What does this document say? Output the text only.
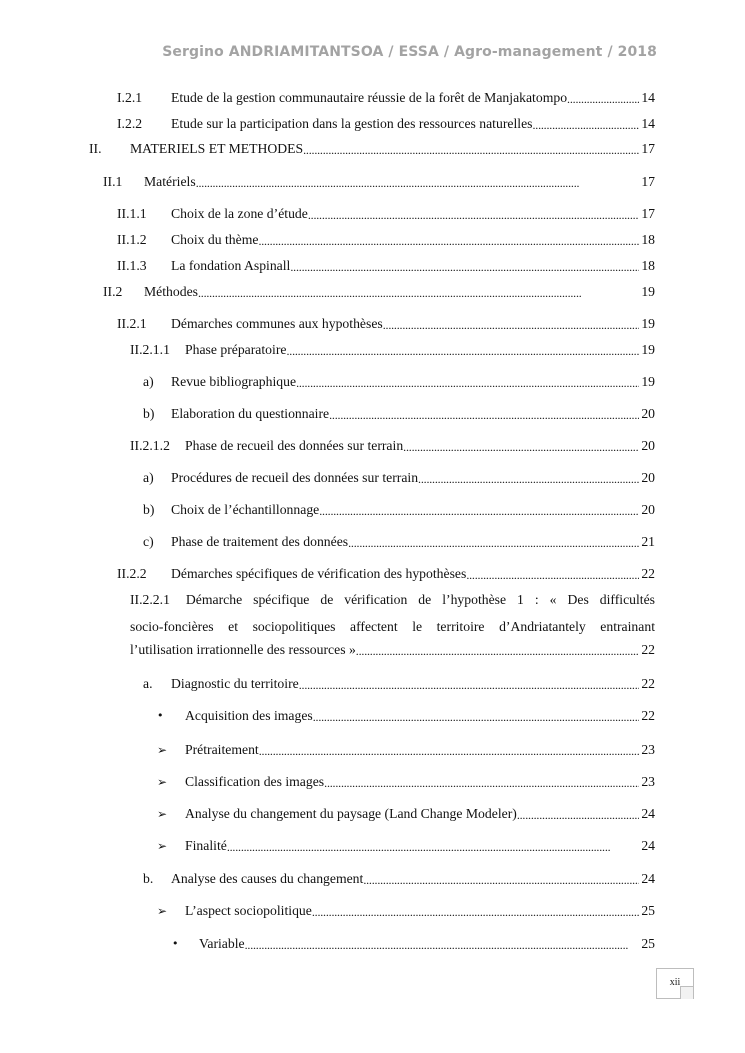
Sergino ANDRIAMITANTSOA / ESSA / Agro-management / 2018
I.2.1	Etude de la gestion communautaire réussie de la forêt de Manjakatompo . . .	14
I.2.2	Etude sur la participation dans la gestion des ressources naturelles . . .	14
II.	MATERIELS ET METHODES . . .	17
II.1	Matériels . . .	17
II.1.1	Choix de la zone d’étude . . .	17
II.1.2	Choix du thème . . .	18
II.1.3	La fondation Aspinall . . .	18
II.2	Méthodes . . .	19
II.2.1	Démarches communes aux hypothèses . . .	19
II.2.1.1	Phase préparatoire . . .	19
a)	Revue bibliographique . . .	19
b)	Elaboration du questionnaire . . .	20
II.2.1.2	Phase de recueil des données sur terrain . . .	20
a)	Procédures de recueil des données sur terrain . . .	20
b)	Choix de l’échantillonnage . . .	20
c)	Phase de traitement des données . . .	21
II.2.2	Démarches spécifiques de vérification des hypothèses . . .	22
II.2.2.1 Démarche spécifique de vérification de l’hypothèse 1 : « Des difficultés
socio-foncières et sociopolitiques affectent le territoire d’Andriatantely entrainant
l’utilisation irrationnelle des ressources » . . .	22
a.	Diagnostic du territoire . . .	22
•	Acquisition des images . . .	22
➢	Prétraitement . . .	23
➢	Classification des images . . .	23
➢	Analyse du changement du paysage (Land Change Modeler) . . .	24
➢	Finalité . . .	24
b.	Analyse des causes du changement . . .	24
➢	L’aspect sociopolitique . . .	25
•	Variable . . .	25
xii
